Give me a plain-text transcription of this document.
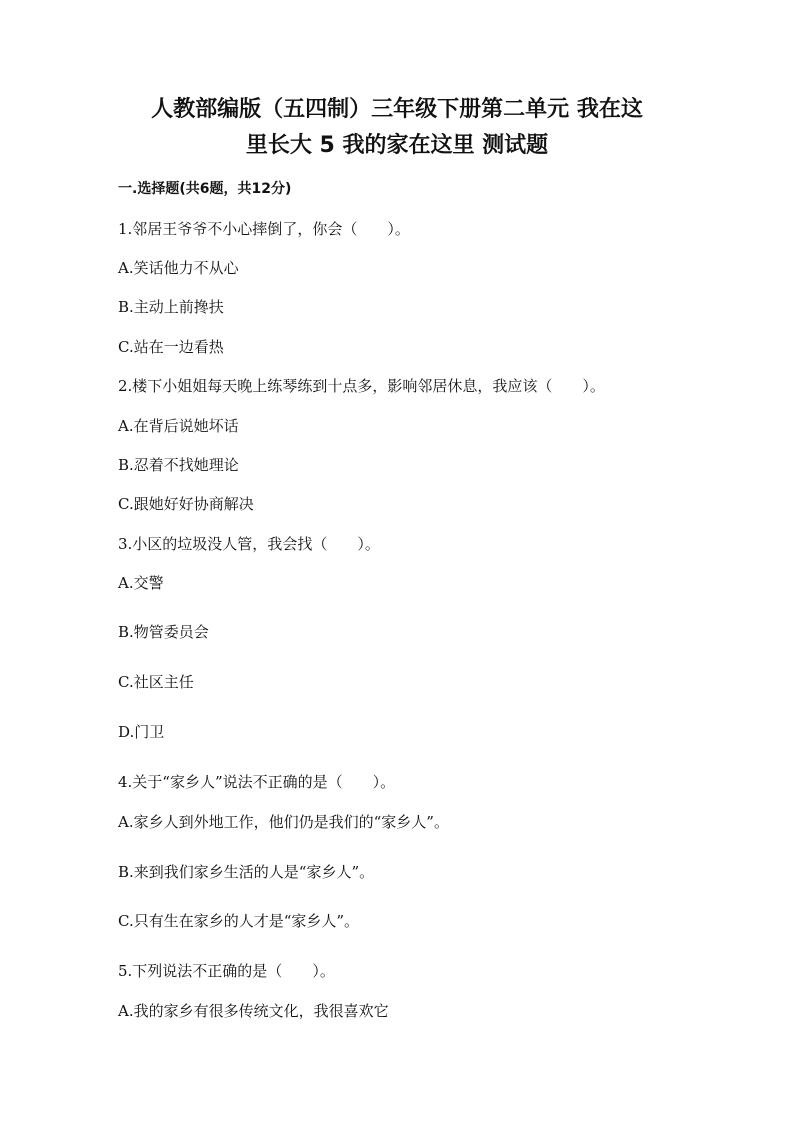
人教部编版（五四制）三年级下册第二单元 我在这
里长大 5 我的家在这里 测试题

一.选择题(共6题，共12分)

1.邻居王爷爷不小心摔倒了，你会（　　）。

A.笑话他力不从心

B.主动上前搀扶

C.站在一边看热

2.楼下小姐姐每天晚上练琴练到十点多，影响邻居休息，我应该（　　）。

A.在背后说她坏话

B.忍着不找她理论

C.跟她好好协商解决

3.小区的垃圾没人管，我会找（　　）。

A.交警

B.物管委员会

C.社区主任

D.门卫

4.关于“家乡人”说法不正确的是（　　）。

A.家乡人到外地工作，他们仍是我们的“家乡人”。

B.来到我们家乡生活的人是“家乡人”。

C.只有生在家乡的人才是“家乡人”。

5.下列说法不正确的是（　　）。

A.我的家乡有很多传统文化，我很喜欢它
